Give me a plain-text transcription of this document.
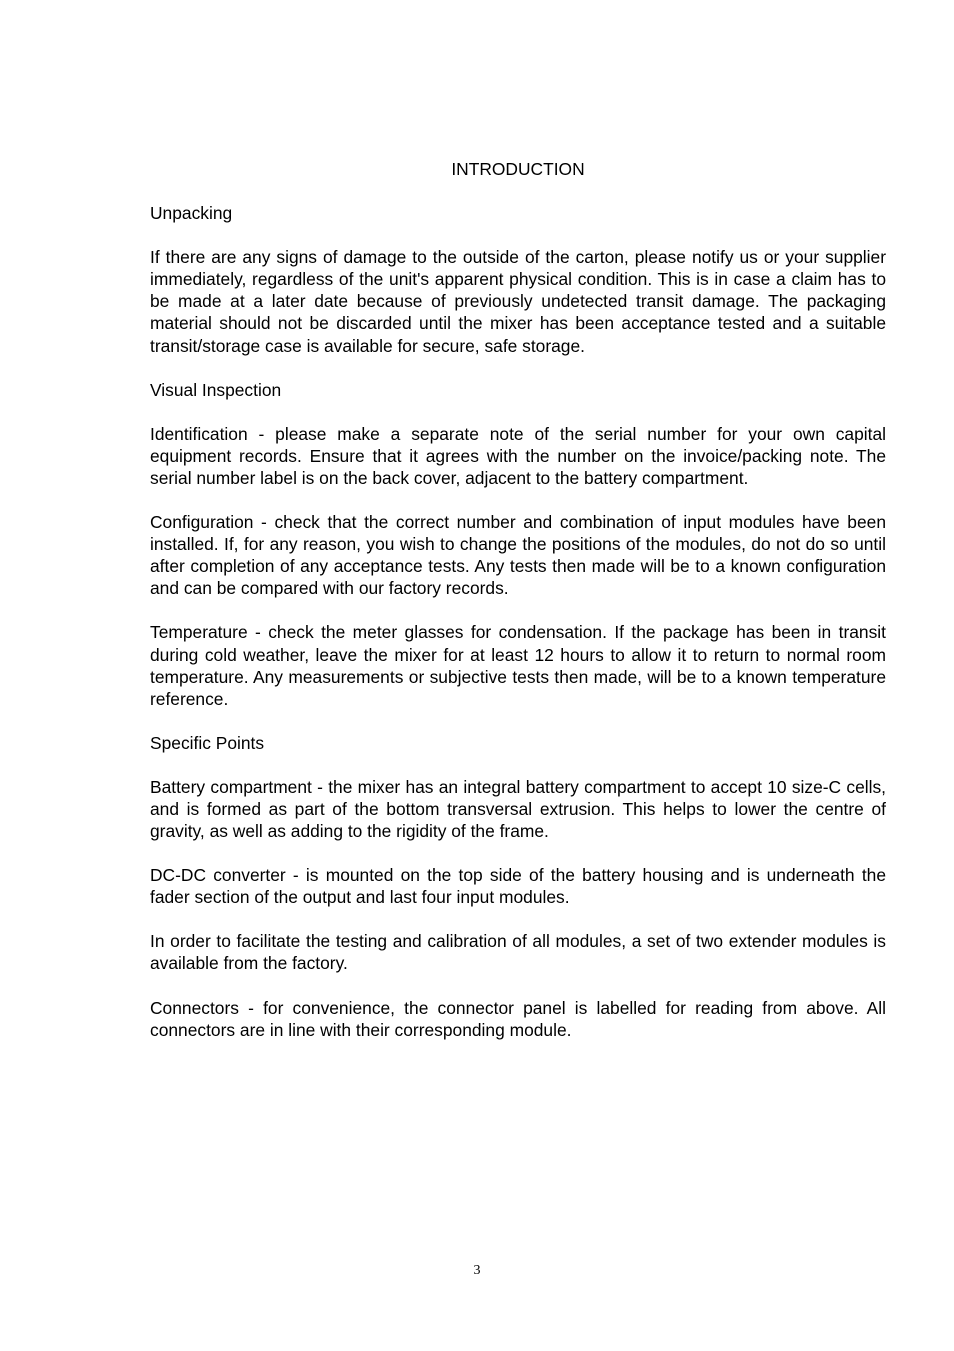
INTRODUCTION
Unpacking
If there are any signs of damage to the outside of the carton, please notify us or your supplier immediately, regardless of the unit's apparent physical condition. This is in case a claim has to be made at a later date because of previously undetected transit damage. The packaging material should not be discarded until the mixer has been acceptance tested and a suitable transit/storage case is available for secure, safe storage.
Visual Inspection
Identification - please make a separate note of the serial number for your own capital equipment records. Ensure that it agrees with the number on the invoice/packing note. The serial number label is on the back cover, adjacent to the battery compartment.
Configuration - check that the correct number and combination of input modules have been installed. If, for any reason, you wish to change the positions of the modules, do not do so until after completion of any acceptance tests. Any tests then made will be to a known configuration and can be compared with our factory records.
Temperature - check the meter glasses for condensation. If the package has been in transit during cold weather, leave the mixer for at least 12 hours to allow it to return to normal room temperature. Any measurements or subjective tests then made, will be to a known temperature reference.
Specific Points
Battery compartment - the mixer has an integral battery compartment to accept 10 size-C cells, and is formed as part of the bottom transversal extrusion. This helps to lower the centre of gravity, as well as adding to the rigidity of the frame.
DC-DC converter - is mounted on the top side of the battery housing and is underneath the fader section of the output and last four input modules.
In order to facilitate the testing and calibration of all modules, a set of two extender modules is available from the factory.
Connectors - for convenience, the connector panel is labelled for reading from above. All connectors are in line with their corresponding module.
3
